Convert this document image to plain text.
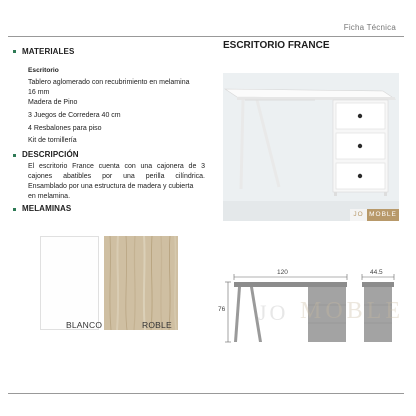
Ficha Técnica
MATERIALES
Escritorio
Tablero aglomerado con recubrimiento en melamina
16 mm
Madera de Pino
3 Juegos de Corredera 40 cm
4 Resbalones para piso
Kit de tornillería
DESCRIPCIÓN
El escritorio France cuenta con una cajonera de 3
cajones abatibles por una perilla cilíndrica.
Ensamblado por una estructura de madera y cubierta
en melamina.
MELAMINAS
BLANCO	ROBLE
ESCRITORIO FRANCE
JO MOBLE
120	44.5
76 JO MOBLE
